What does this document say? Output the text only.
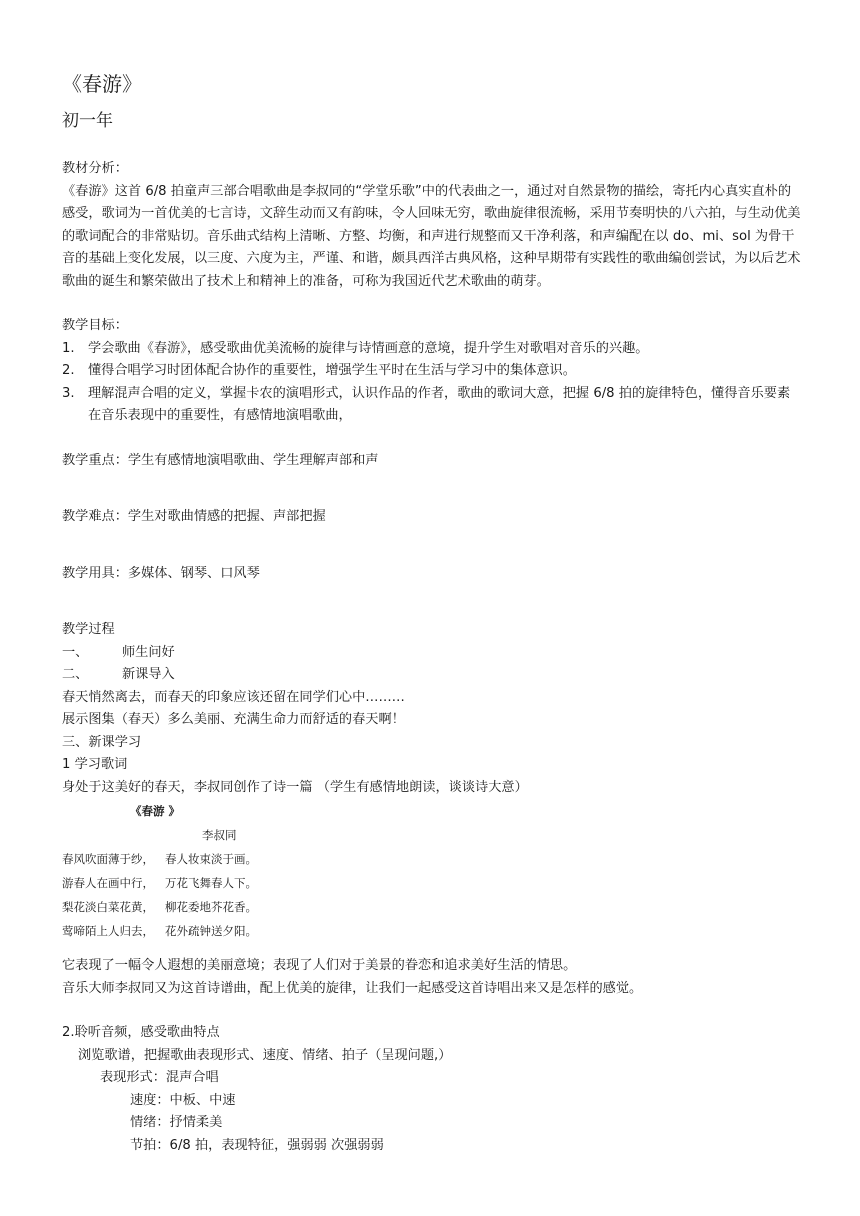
《春游》

初一年

教材分析：

《春游》这首 6/8 拍童声三部合唱歌曲是李叔同的“学堂乐歌”中的代表曲之一，通过对自然景物的描绘，寄托内心真实直朴的感受，歌词为一首优美的七言诗，文辞生动而又有韵味，令人回味无穷，歌曲旋律很流畅，采用节奏明快的八六拍，与生动优美的歌词配合的非常贴切。音乐曲式结构上清晰、方整、均衡，和声进行规整而又干净利落，和声编配在以 do、mi、sol 为骨干音的基础上变化发展，以三度、六度为主，严谨、和谐，颇具西洋古典风格，这种早期带有实践性的歌曲编创尝试，为以后艺术歌曲的诞生和繁荣做出了技术上和精神上的准备，可称为我国近代艺术歌曲的萌芽。

教学目标：

1. 学会歌曲《春游》，感受歌曲优美流畅的旋律与诗情画意的意境，提升学生对歌唱对音乐的兴趣。
2. 懂得合唱学习时团体配合协作的重要性，增强学生平时在生活与学习中的集体意识。
3. 理解混声合唱的定义，掌握卡农的演唱形式，认识作品的作者，歌曲的歌词大意，把握 6/8 拍的旋律特色，懂得音乐要素在音乐表现中的重要性，有感情地演唱歌曲，

教学重点：学生有感情地演唱歌曲、学生理解声部和声

教学难点：学生对歌曲情感的把握、声部把握

教学用具：多媒体、钢琴、口风琴

教学过程

一、	师生问好
二、	新课导入

春天悄然离去，而春天的印象应该还留在同学们心中………

展示图集（春天）多么美丽、充满生命力而舒适的春天啊！

三、新课学习

1 学习歌词

身处于这美好的春天，李叔同创作了诗一篇 （学生有感情地朗读，谈谈诗大意）

《春游 》
李叔同
春风吹面薄于纱，   春人妆束淡于画。
游春人在画中行，   万花飞舞春人下。
梨花淡白菜花黄，   柳花委地芥花香。
莺啼陌上人归去，   花外疏钟送夕阳。

它表现了一幅令人遐想的美丽意境；表现了人们对于美景的眷恋和追求美好生活的情思。

音乐大师李叔同又为这首诗谱曲，配上优美的旋律，让我们一起感受这首诗唱出来又是怎样的感觉。

2.聆听音频，感受歌曲特点

浏览歌谱，把握歌曲表现形式、速度、情绪、拍子（呈现问题,）

表现形式：混声合唱

速度：中板、中速

情绪：抒情柔美

节拍：6/8 拍，表现特征，强弱弱 次强弱弱
